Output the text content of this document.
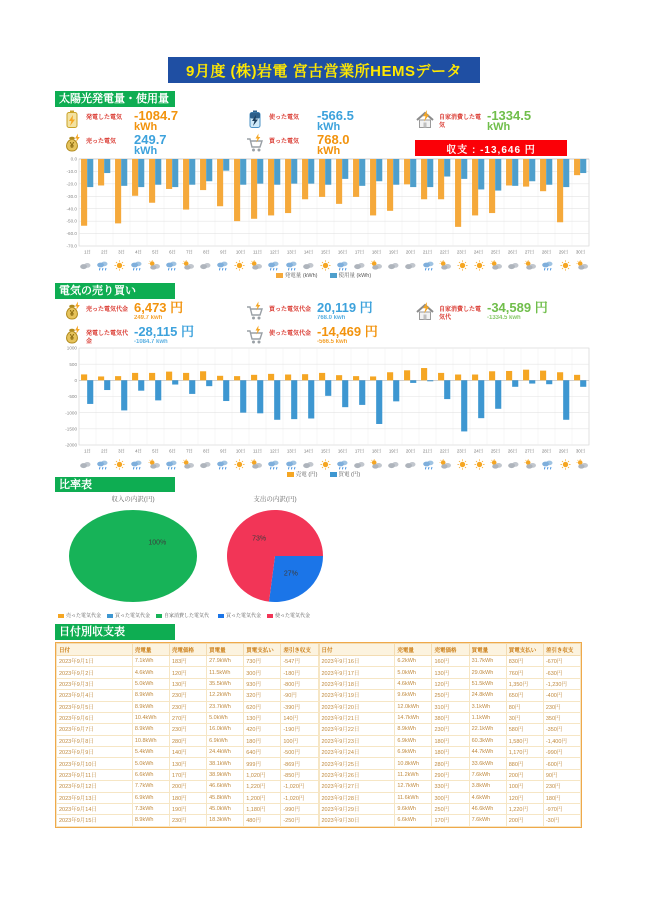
9月度 (株)岩電 宮古営業所HEMSデータ
太陽光発電量・使用量
発電した電気 -1084.7
kWh
使った電気	-566.5
kWh
自家消費した電気
-1334.5
kWh
¥ 売った電気	249.7
kWh
買った電気	768.0
kWh	収支 : -13,646 円
0.0
-10.0
-20.0
-30.0
-40.0
-50.0
-60.0
-70.0
1日 2日 3日 4日 5日 6日 7日 8日 9日 10日 11日 12日 13日 14日 15日 16日 17日 18日 19日 20日 21日 22日 23日 24日 25日 26日 27日 28日 29日 30日
発電量 (kWh)	使用量 (kWh)
電気の売り買い
¥ 売った電気代金 6,473 円
249.7 kwh
買った電気代金 20,119 円
768.0 kwh
自家消費した電気代
-34,589 円
-1334.5 kwh
¥ 発電した電気代金
-28,115 円
-1084.7 kwh
使った電気代金 -14,469 円
-566.5 kwh
1000
500
0
-500
-1000
-1500
-2000
1日 2日 3日 4日 5日 6日 7日 8日 9日 10日 11日 12日 13日 14日 15日 16日 17日 18日 19日 20日 21日 22日 23日 24日 25日 26日 27日 28日 29日 30日
売電 (円)	買電 (円)
比率表
収入の内訳(円)
100%
支出の内訳(円)
27%
73%
売った電気代金	買った電気代金	自家消費した電気代	買った電気代金	使った電気代金
日付別収支表
日付	売電量	売電価格	買電量	買電支払い	差引き収支
2023年9月1日	7.1kWh	183円	27.9kWh	730円	-547円
2023年9月2日	4.6kWh	120円	11.5kWh	300円	-180円
2023年9月3日	5.0kWh	130円	35.5kWh	930円	-800円
2023年9月4日	8.9kWh	230円	12.2kWh	320円	-90円
2023年9月5日	8.9kWh	230円	23.7kWh	620円	-390円
2023年9月6日	10.4kWh	270円	5.0kWh	130円	140円
2023年9月7日	8.9kWh	230円	16.0kWh	420円	-190円
2023年9月8日	10.8kWh	280円	6.9kWh	180円	100円
2023年9月9日	5.4kWh	140円	24.4kWh	640円	-500円
2023年9月10日	5.0kWh	130円	38.1kWh	999円	-869円
2023年9月11日	6.6kWh	170円	38.9kWh	1,020円	-850円
2023年9月12日	7.7kWh	200円	46.6kWh	1,220円	-1,020円
2023年9月13日	6.9kWh	180円	45.8kWh	1,200円	-1,020円
2023年9月14日	7.3kWh	190円	45.0kWh	1,180円	-990円
2023年9月15日	8.9kWh	230円	18.3kWh	480円	-250円
日付	売電量	売電価格	買電量	買電支払い	差引き収支
2023年9月16日	6.2kWh	160円	31.7kWh	830円	-670円
2023年9月17日	5.0kWh	130円	29.0kWh	760円	-630円
2023年9月18日	4.6kWh	120円	51.5kWh	1,350円	-1,230円
2023年9月19日	9.6kWh	250円	24.8kWh	650円	-400円
2023年9月20日	12.0kWh	310円	3.1kWh	80円	230円
2023年9月21日	14.7kWh	380円	1.1kWh	30円	350円
2023年9月22日	8.9kWh	230円	22.1kWh	580円	-350円
2023年9月23日	6.9kWh	180円	60.3kWh	1,580円	-1,400円
2023年9月24日	6.9kWh	180円	44.7kWh	1,170円	-990円
2023年9月25日	10.8kWh	280円	33.6kWh	880円	-600円
2023年9月26日	11.2kWh	290円	7.6kWh	200円	90円
2023年9月27日	12.7kWh	330円	3.8kWh	100円	230円
2023年9月28日	11.6kWh	300円	4.6kWh	120円	180円
2023年9月29日	9.6kWh	250円	46.6kWh	1,220円	-970円
2023年9月30日	6.6kWh	170円	7.6kWh	200円	-30円
